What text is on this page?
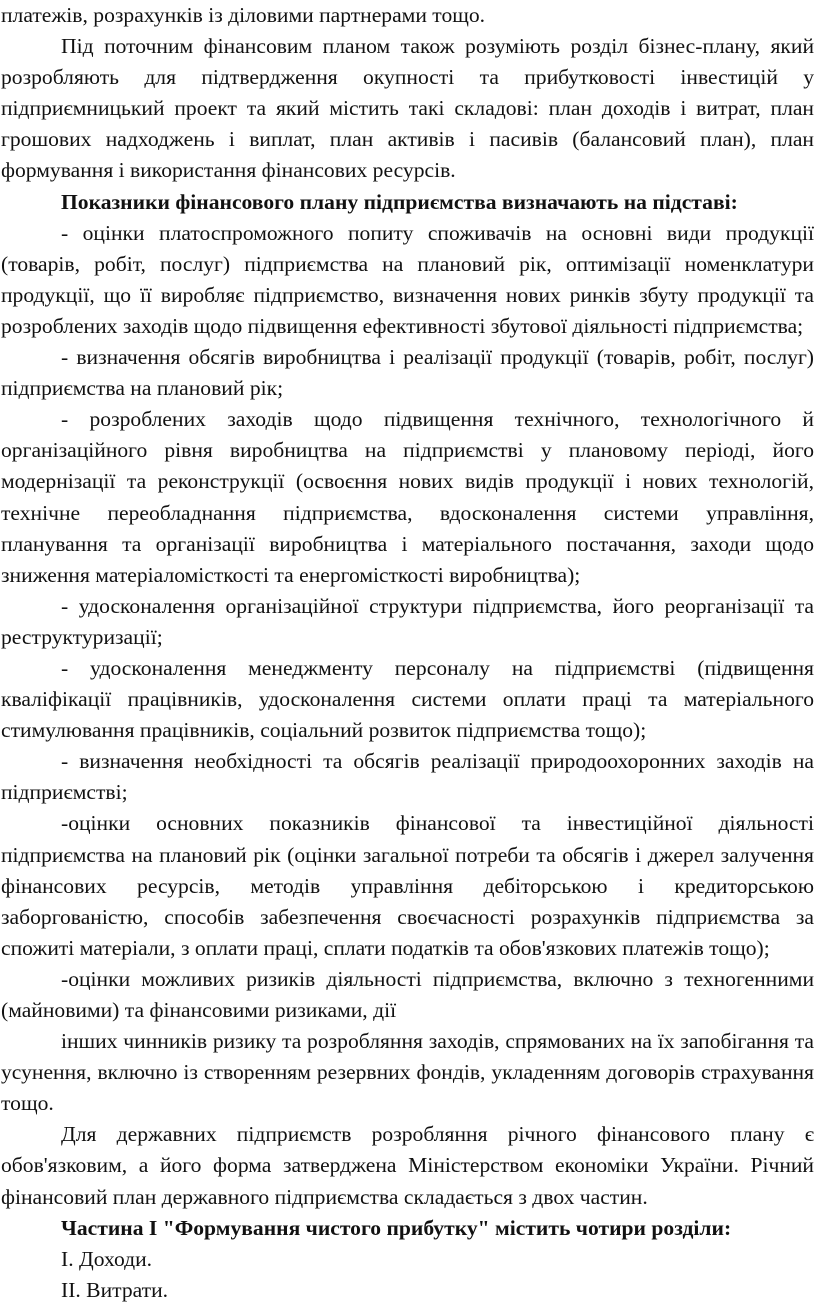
платежів, розрахунків із діловими партнерами тощо.

Під поточним фінансовим планом також розуміють розділ бізнес-плану, який розробляють для підтвердження окупності та прибутковості інвестицій у підприємницький проект та який містить такі складові: план доходів і витрат, план грошових надходжень і виплат, план активів і пасивів (балансовий план), план формування і використання фінансових ресурсів.

Показники фінансового плану підприємства визначають на підставі:

- оцінки платоспроможного попиту споживачів на основні види продукції (товарів, робіт, послуг) підприємства на плановий рік, оптимізації номенклатури продукції, що її виробляє підприємство, визначення нових ринків збуту продукції та розроблених заходів щодо підвищення ефективності збутової діяльності підприємства;

- визначення обсягів виробництва і реалізації продукції (товарів, робіт, послуг) підприємства на плановий рік;

- розроблених заходів щодо підвищення технічного, технологічного й організаційного рівня виробництва на підприємстві у плановому періоді, його модернізації та реконструкції (освоєння нових видів продукції і нових технологій, технічне переобладнання підприємства, вдосконалення системи управління, планування та організації виробництва і матеріального постачання, заходи щодо зниження матеріаломісткості та енергомісткості виробництва);

- удосконалення організаційної структури підприємства, його реорганізації та реструктуризації;

- удосконалення менеджменту персоналу на підприємстві (підвищення кваліфікації працівників, удосконалення системи оплати праці та матеріального стимулювання працівників, соціальний розвиток підприємства тощо);

- визначення необхідності та обсягів реалізації природоохоронних заходів на підприємстві;

-оцінки основних показників фінансової та інвестиційної діяльності підприємства на плановий рік (оцінки загальної потреби та обсягів і джерел залучення фінансових ресурсів, методів управління дебіторською і кредиторською заборгованістю, способів забезпечення своєчасності розрахунків підприємства за спожиті матеріали, з оплати праці, сплати податків та обов'язкових платежів тощо);

-оцінки можливих ризиків діяльності підприємства, включно з техногенними (майновими) та фінансовими ризиками, дії

інших чинників ризику та розробляння заходів, спрямованих на їх запобігання та усунення, включно із створенням резервних фондів, укладенням договорів страхування тощо.

Для державних підприємств розробляння річного фінансового плану є обов'язковим, а його форма затверджена Міністерством економіки України. Річний фінансовий план державного підприємства складається з двох частин.

Частина І "Формування чистого прибутку" містить чотири розділи:

І. Доходи.

ІІ. Витрати.
